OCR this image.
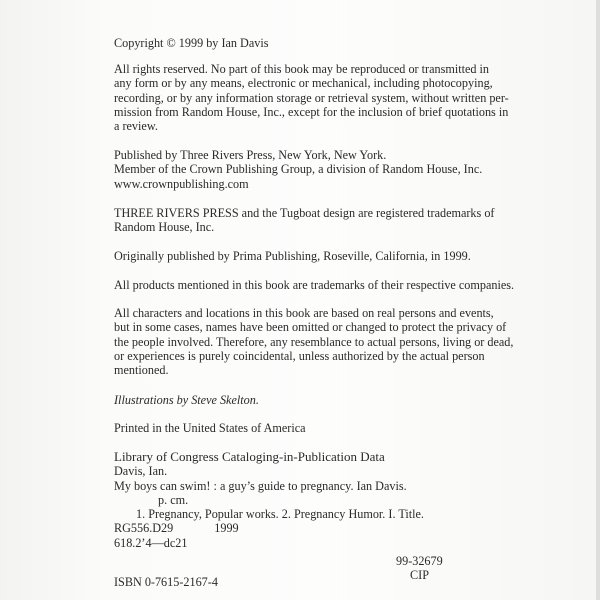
Copyright © 1999 by Ian Davis
All rights reserved. No part of this book may be reproduced or transmitted in
any form or by any means, electronic or mechanical, including photocopying,
recording, or by any information storage or retrieval system, without written per-
mission from Random House, Inc., except for the inclusion of brief quotations in
a review.
Published by Three Rivers Press, New York, New York.
Member of the Crown Publishing Group, a division of Random House, Inc.
www.crownpublishing.com
THREE RIVERS PRESS and the Tugboat design are registered trademarks of
Random House, Inc.
Originally published by Prima Publishing, Roseville, California, in 1999.
All products mentioned in this book are trademarks of their respective companies.
All characters and locations in this book are based on real persons and events,
but in some cases, names have been omitted or changed to protect the privacy of
the people involved. Therefore, any resemblance to actual persons, living or dead,
or experiences is purely coincidental, unless authorized by the actual person
mentioned.
Illustrations by Steve Skelton.
Printed in the United States of America
Library of Congress Cataloging-in-Publication Data
Davis, Ian.
My boys can swim! : a guy’s guide to pregnancy. Ian Davis.
p. cm.
1. Pregnancy, Popular works. 2. Pregnancy Humor. I. Title.
RG556.D29	1999
618.2’4—dc21
99-32679
CIP
ISBN 0-7615-2167-4
